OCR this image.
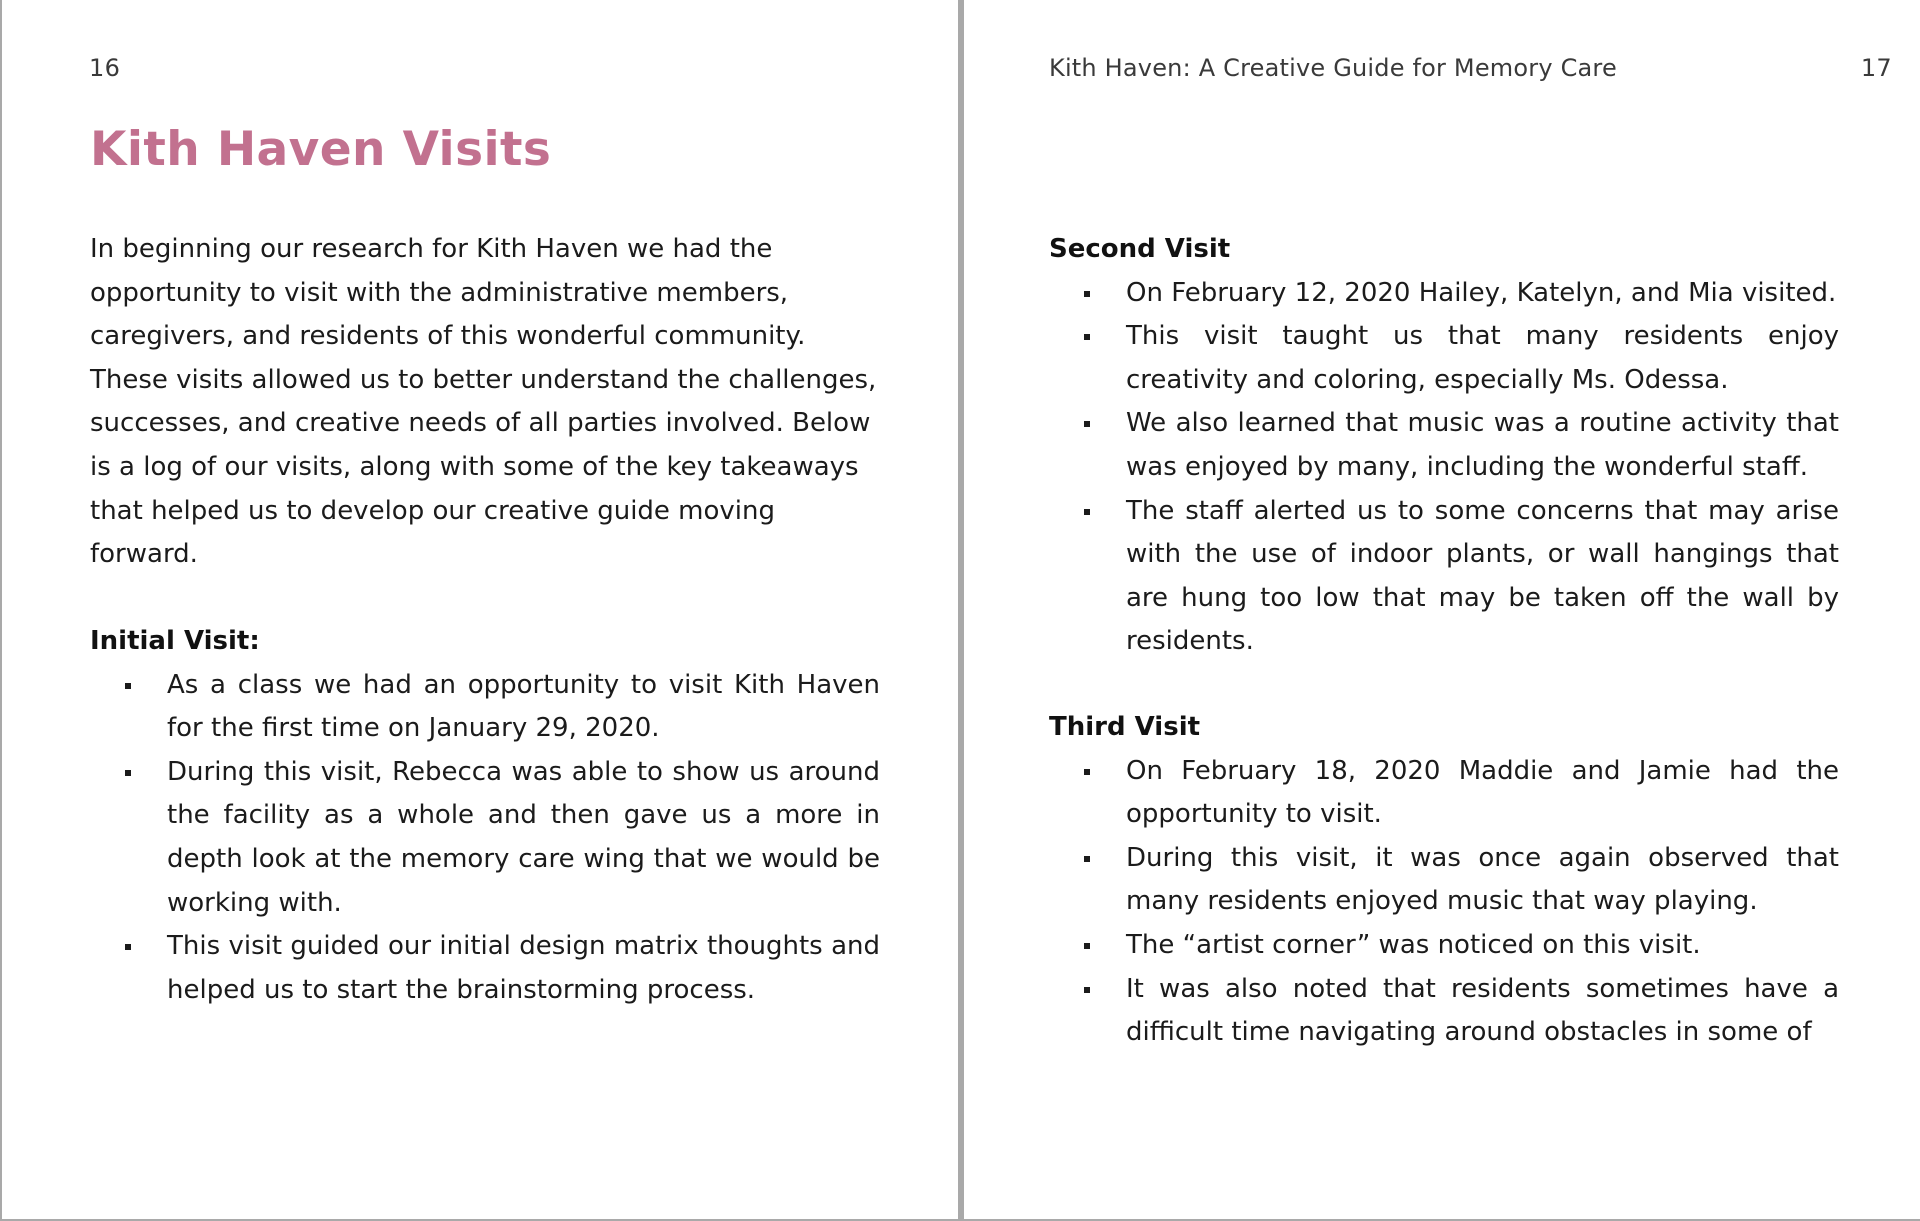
16
Kith Haven Visits

In beginning our research for Kith Haven we had the opportunity to visit with the administrative members, caregivers, and residents of this wonderful community. These visits allowed us to better understand the challenges, successes, and creative needs of all parties involved. Below is a log of our visits, along with some of the key takeaways that helped us to develop our creative guide moving forward.

Initial Visit:
As a class we had an opportunity to visit Kith Haven for the first time on January 29, 2020.
During this visit, Rebecca was able to show us around the facility as a whole and then gave us a more in depth look at the memory care wing that we would be working with.
This visit guided our initial design matrix thoughts and helped us to start the brainstorming process.
Kith Haven: A Creative Guide for Memory Care	17
Second Visit
On February 12, 2020 Hailey, Katelyn, and Mia visited.
This visit taught us that many residents enjoy creativity and coloring, especially Ms. Odessa.
We also learned that music was a routine activity that was enjoyed by many, including the wonderful staff.
The staff alerted us to some concerns that may arise with the use of indoor plants, or wall hangings that are hung too low that may be taken off the wall by residents.
Third Visit
On February 18, 2020 Maddie and Jamie had the opportunity to visit.
During this visit, it was once again observed that many residents enjoyed music that way playing.
The “artist corner” was noticed on this visit.
It was also noted that residents sometimes have a difficult time navigating around obstacles in some of
